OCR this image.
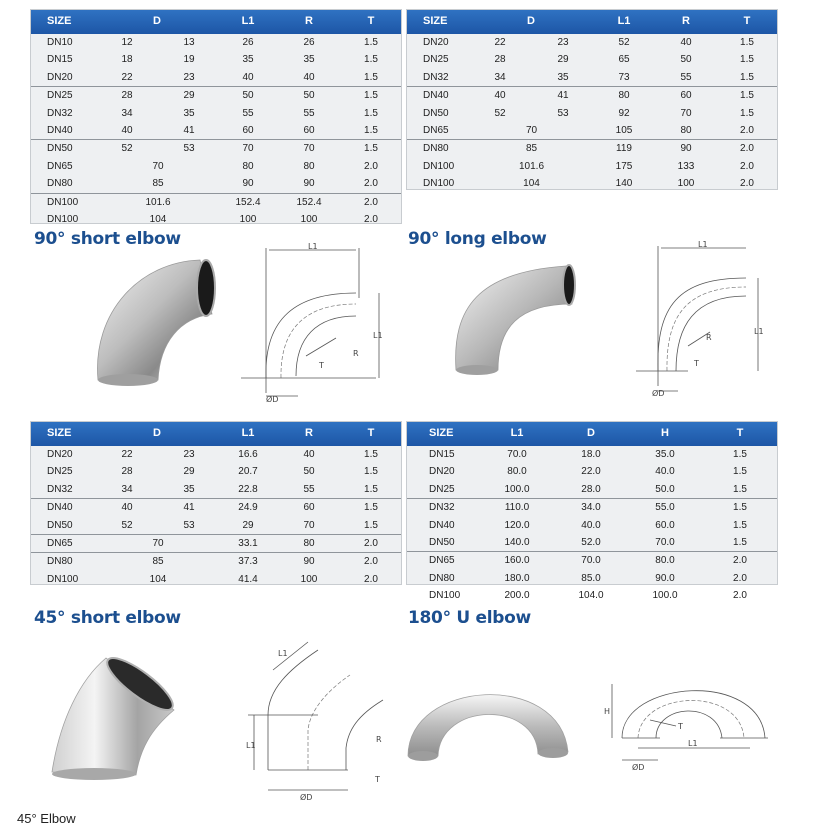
SIZE	D	L1	R	T
DN10	12	13	26	26	1.5
DN15	18	19	35	35	1.5
DN20	22	23	40	40	1.5
DN25	28	29	50	50	1.5
DN32	34	35	55	55	1.5
DN40	40	41	60	60	1.5
DN50	52	53	70	70	1.5
DN65	70	80	80	2.0
DN80	85	90	90	2.0
DN100	101.6	152.4	152.4	2.0
DN100	104	100	100	2.0
SIZE	D	L1	R	T
DN20	22	23	52	40	1.5
DN25	28	29	65	50	1.5
DN32	34	35	73	55	1.5
DN40	40	41	80	60	1.5
DN50	52	53	92	70	1.5
DN65	70	105	80	2.0
DN80	85	119	90	2.0
DN100	101.6	175	133	2.0
DN100	104	140	100	2.0
90° short elbow	90° long elbow
L1
L1
R
T
ØD
L1
L1
R
T
ØD
SIZE	D	L1	R	T
DN20	22	23	16.6	40	1.5
DN25	28	29	20.7	50	1.5
DN32	34	35	22.8	55	1.5
DN40	40	41	24.9	60	1.5
DN50	52	53	29	70	1.5
DN65	70	33.1	80	2.0
DN80	85	37.3	90	2.0
DN100	104	41.4	100	2.0
SIZE	L1	D	H	T
DN15	70.0	18.0	35.0	1.5
DN20	80.0	22.0	40.0	1.5
DN25	100.0	28.0	50.0	1.5
DN32	110.0	34.0	55.0	1.5
DN40	120.0	40.0	60.0	1.5
DN50	140.0	52.0	70.0	1.5
DN65	160.0	70.0	80.0	2.0
DN80	180.0	85.0	90.0	2.0
DN100	200.0	104.0	100.0	2.0
45° short elbow	180° U elbow
L1
L1
R
T
ØD
H
L1
T
ØD
45° Elbow
